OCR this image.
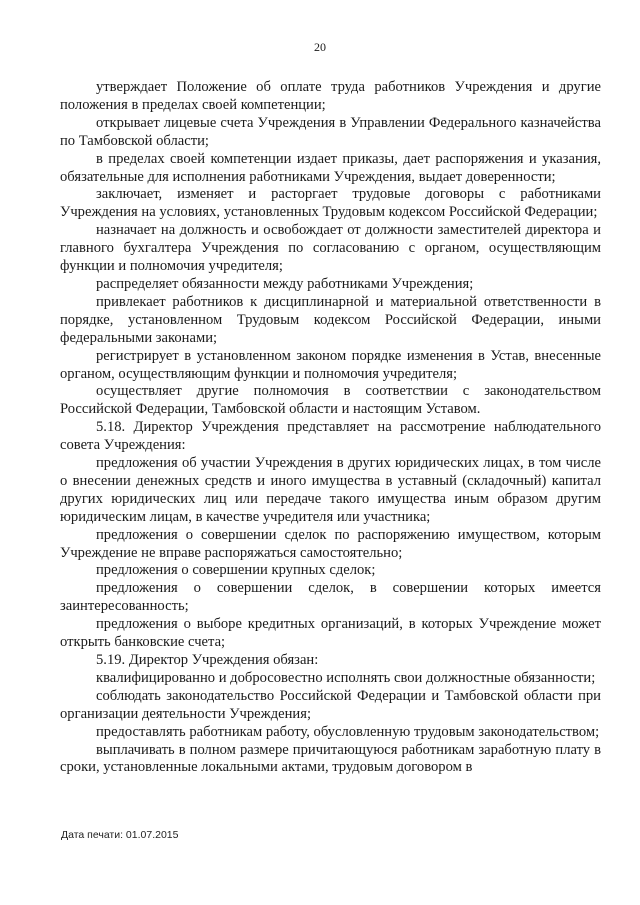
20

утверждает Положение об оплате труда работников Учреждения и другие положения в пределах своей компетенции;

открывает лицевые счета Учреждения в Управлении Федерального казначейства по Тамбовской области;

в пределах своей компетенции издает приказы, дает распоряжения и указания, обязательные для исполнения работниками Учреждения, выдает доверенности;

заключает, изменяет и расторгает трудовые договоры с работниками Учреждения на условиях, установленных Трудовым кодексом Российской Федерации;

назначает на должность и освобождает от должности заместителей директора и главного бухгалтера Учреждения по согласованию с органом, осуществляющим функции и полномочия учредителя;

распределяет обязанности между работниками Учреждения;

привлекает работников к дисциплинарной и материальной ответственности в порядке, установленном Трудовым кодексом Российской Федерации, иными федеральными законами;

регистрирует в установленном законом порядке изменения в Устав, внесенные органом, осуществляющим функции и полномочия учредителя;

осуществляет другие полномочия в соответствии с законодательством Российской Федерации, Тамбовской области и настоящим Уставом.

5.18. Директор Учреждения представляет на рассмотрение наблюдательного совета Учреждения:

предложения об участии Учреждения в других юридических лицах, в том числе о внесении денежных средств и иного имущества в уставный (складочный) капитал других юридических лиц или передаче такого имущества иным образом другим юридическим лицам, в качестве учредителя или участника;

предложения о совершении сделок по распоряжению имуществом, которым Учреждение не вправе распоряжаться самостоятельно;

предложения о совершении крупных сделок;

предложения о совершении сделок, в совершении которых имеется заинтересованность;

предложения о выборе кредитных организаций, в которых Учреждение может открыть банковские счета;

5.19. Директор Учреждения обязан:

квалифицированно и добросовестно исполнять свои должностные обязанности;

соблюдать законодательство Российской Федерации и Тамбовской области при организации деятельности Учреждения;

предоставлять работникам работу, обусловленную трудовым законодательством;

выплачивать в полном размере причитающуюся работникам заработную плату в сроки, установленные локальными актами, трудовым договором в

Дата печати: 01.07.2015
